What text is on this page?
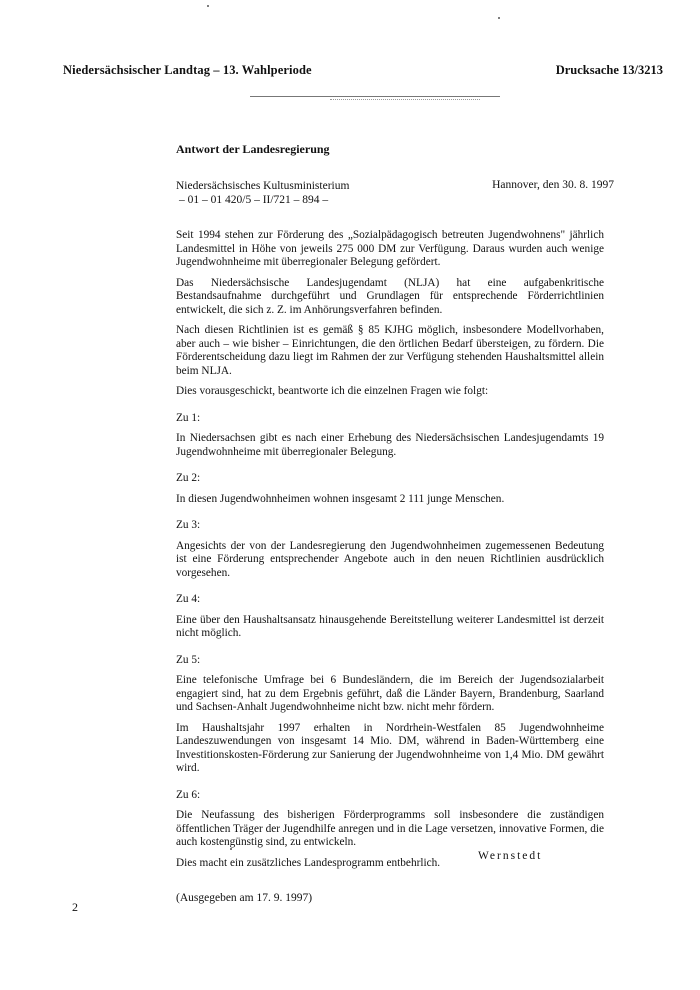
Niedersächsischer Landtag – 13. Wahlperiode	Drucksache 13/3213
Antwort der Landesregierung
Niedersächsisches Kultusministerium
– 01 – 01 420/5 – II/721 – 894 –
Hannover, den 30. 8. 1997

Seit 1994 stehen zur Förderung des „Sozialpädagogisch betreuten Jugendwohnens" jährlich Landesmittel in Höhe von jeweils 275 000 DM zur Verfügung. Daraus wurden auch wenige Jugendwohnheime mit überregionaler Belegung gefördert.

Das Niedersächsische Landesjugendamt (NLJA) hat eine aufgabenkritische Bestandsaufnahme durchgeführt und Grundlagen für entsprechende Förderrichtlinien entwickelt, die sich z. Z. im Anhörungsverfahren befinden.

Nach diesen Richtlinien ist es gemäß § 85 KJHG möglich, insbesondere Modellvorhaben, aber auch – wie bisher – Einrichtungen, die den örtlichen Bedarf übersteigen, zu fördern. Die Förderentscheidung dazu liegt im Rahmen der zur Verfügung stehenden Haushaltsmittel allein beim NLJA.

Dies vorausgeschickt, beantworte ich die einzelnen Fragen wie folgt:

Zu 1:

In Niedersachsen gibt es nach einer Erhebung des Niedersächsischen Landesjugendamts 19 Jugendwohnheime mit überregionaler Belegung.

Zu 2:

In diesen Jugendwohnheimen wohnen insgesamt 2 111 junge Menschen.

Zu 3:

Angesichts der von der Landesregierung den Jugendwohnheimen zugemessenen Bedeutung ist eine Förderung entsprechender Angebote auch in den neuen Richtlinien ausdrücklich vorgesehen.

Zu 4:

Eine über den Haushaltsansatz hinausgehende Bereitstellung weiterer Landesmittel ist derzeit nicht möglich.

Zu 5:

Eine telefonische Umfrage bei 6 Bundesländern, die im Bereich der Jugendsozialarbeit engagiert sind, hat zu dem Ergebnis geführt, daß die Länder Bayern, Brandenburg, Saarland und Sachsen-Anhalt Jugendwohnheime nicht bzw. nicht mehr fördern.

Im Haushaltsjahr 1997 erhalten in Nordrhein-Westfalen 85 Jugendwohnheime Landeszuwendungen von insgesamt 14 Mio. DM, während in Baden-Württemberg eine Investitionskosten-Förderung zur Sanierung der Jugendwohnheime von 1,4 Mio. DM gewährt wird.

Zu 6:

Die Neufassung des bisherigen Förderprogramms soll insbesondere die zuständigen öffentlichen Träger der Jugendhilfe anregen und in die Lage versetzen, innovative Formen, die auch kostengünstig sind, zu entwickeln.

Dies macht ein zusätzliches Landesprogramm entbehrlich.

Wernstedt
2
(Ausgegeben am 17. 9. 1997)
